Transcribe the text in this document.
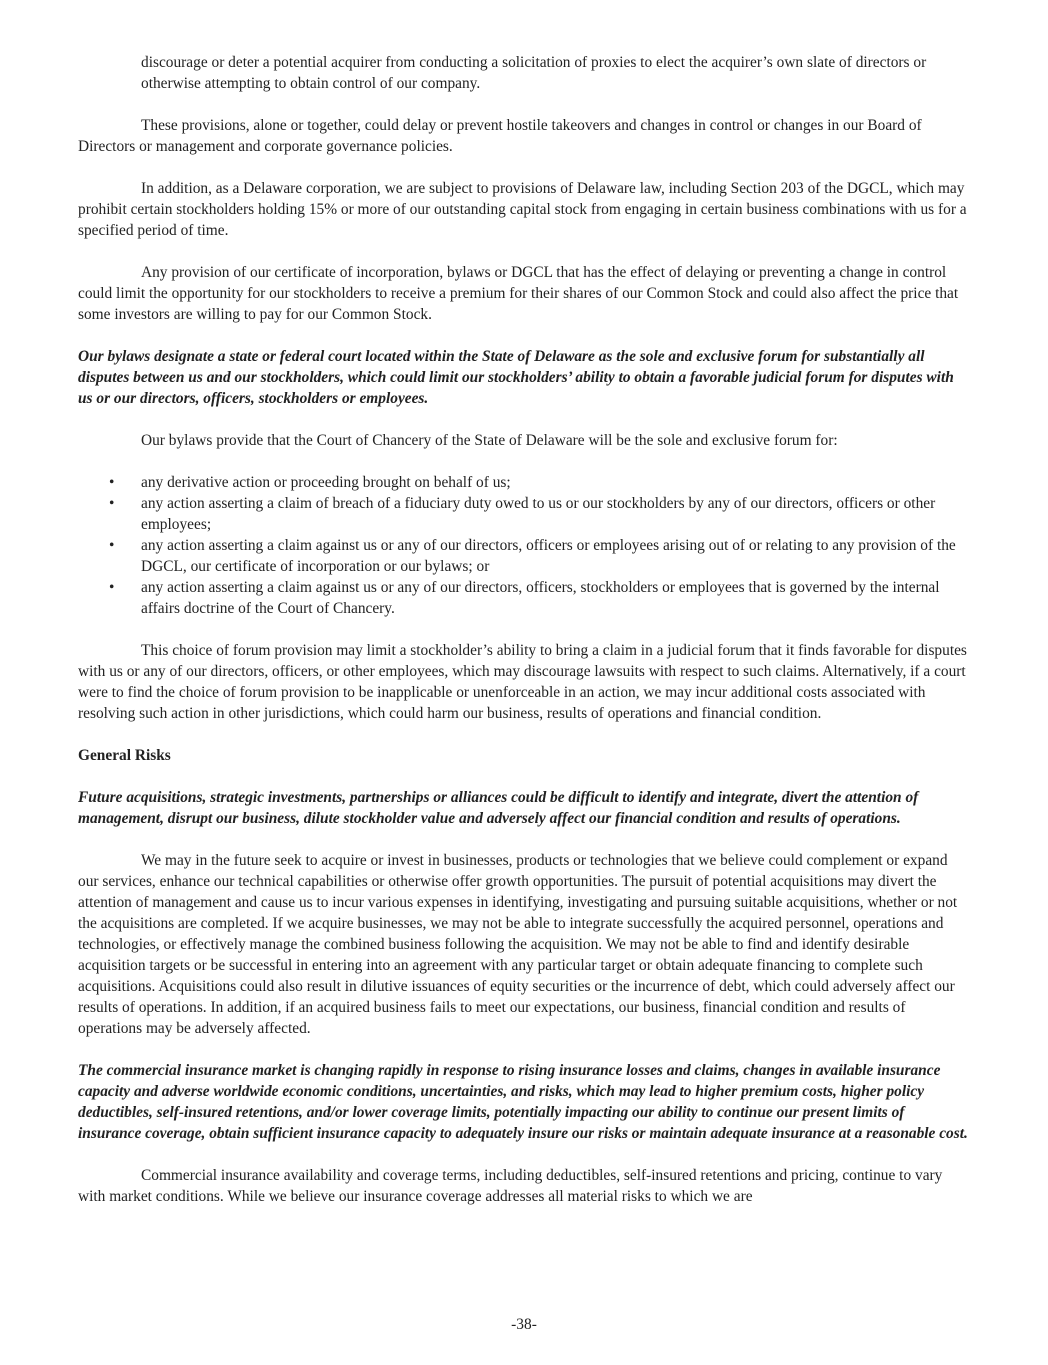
discourage or deter a potential acquirer from conducting a solicitation of proxies to elect the acquirer’s own slate of directors or otherwise attempting to obtain control of our company.

These provisions, alone or together, could delay or prevent hostile takeovers and changes in control or changes in our Board of Directors or management and corporate governance policies.

In addition, as a Delaware corporation, we are subject to provisions of Delaware law, including Section 203 of the DGCL, which may prohibit certain stockholders holding 15% or more of our outstanding capital stock from engaging in certain business combinations with us for a specified period of time.

Any provision of our certificate of incorporation, bylaws or DGCL that has the effect of delaying or preventing a change in control could limit the opportunity for our stockholders to receive a premium for their shares of our Common Stock and could also affect the price that some investors are willing to pay for our Common Stock.

Our bylaws designate a state or federal court located within the State of Delaware as the sole and exclusive forum for substantially all disputes between us and our stockholders, which could limit our stockholders’ ability to obtain a favorable judicial forum for disputes with us or our directors, officers, stockholders or employees.

Our bylaws provide that the Court of Chancery of the State of Delaware will be the sole and exclusive forum for:

• any derivative action or proceeding brought on behalf of us;
• any action asserting a claim of breach of a fiduciary duty owed to us or our stockholders by any of our directors, officers or other employees;
• any action asserting a claim against us or any of our directors, officers or employees arising out of or relating to any provision of the DGCL, our certificate of incorporation or our bylaws; or
• any action asserting a claim against us or any of our directors, officers, stockholders or employees that is governed by the internal affairs doctrine of the Court of Chancery.

This choice of forum provision may limit a stockholder’s ability to bring a claim in a judicial forum that it finds favorable for disputes with us or any of our directors, officers, or other employees, which may discourage lawsuits with respect to such claims. Alternatively, if a court were to find the choice of forum provision to be inapplicable or unenforceable in an action, we may incur additional costs associated with resolving such action in other jurisdictions, which could harm our business, results of operations and financial condition.

General Risks

Future acquisitions, strategic investments, partnerships or alliances could be difficult to identify and integrate, divert the attention of management, disrupt our business, dilute stockholder value and adversely affect our financial condition and results of operations.

We may in the future seek to acquire or invest in businesses, products or technologies that we believe could complement or expand our services, enhance our technical capabilities or otherwise offer growth opportunities. The pursuit of potential acquisitions may divert the attention of management and cause us to incur various expenses in identifying, investigating and pursuing suitable acquisitions, whether or not the acquisitions are completed. If we acquire businesses, we may not be able to integrate successfully the acquired personnel, operations and technologies, or effectively manage the combined business following the acquisition. We may not be able to find and identify desirable acquisition targets or be successful in entering into an agreement with any particular target or obtain adequate financing to complete such acquisitions. Acquisitions could also result in dilutive issuances of equity securities or the incurrence of debt, which could adversely affect our results of operations. In addition, if an acquired business fails to meet our expectations, our business, financial condition and results of operations may be adversely affected.

The commercial insurance market is changing rapidly in response to rising insurance losses and claims, changes in available insurance capacity and adverse worldwide economic conditions, uncertainties, and risks, which may lead to higher premium costs, higher policy deductibles, self-insured retentions, and/or lower coverage limits, potentially impacting our ability to continue our present limits of insurance coverage, obtain sufficient insurance capacity to adequately insure our risks or maintain adequate insurance at a reasonable cost.

Commercial insurance availability and coverage terms, including deductibles, self-insured retentions and pricing, continue to vary with market conditions. While we believe our insurance coverage addresses all material risks to which we are

-38-
